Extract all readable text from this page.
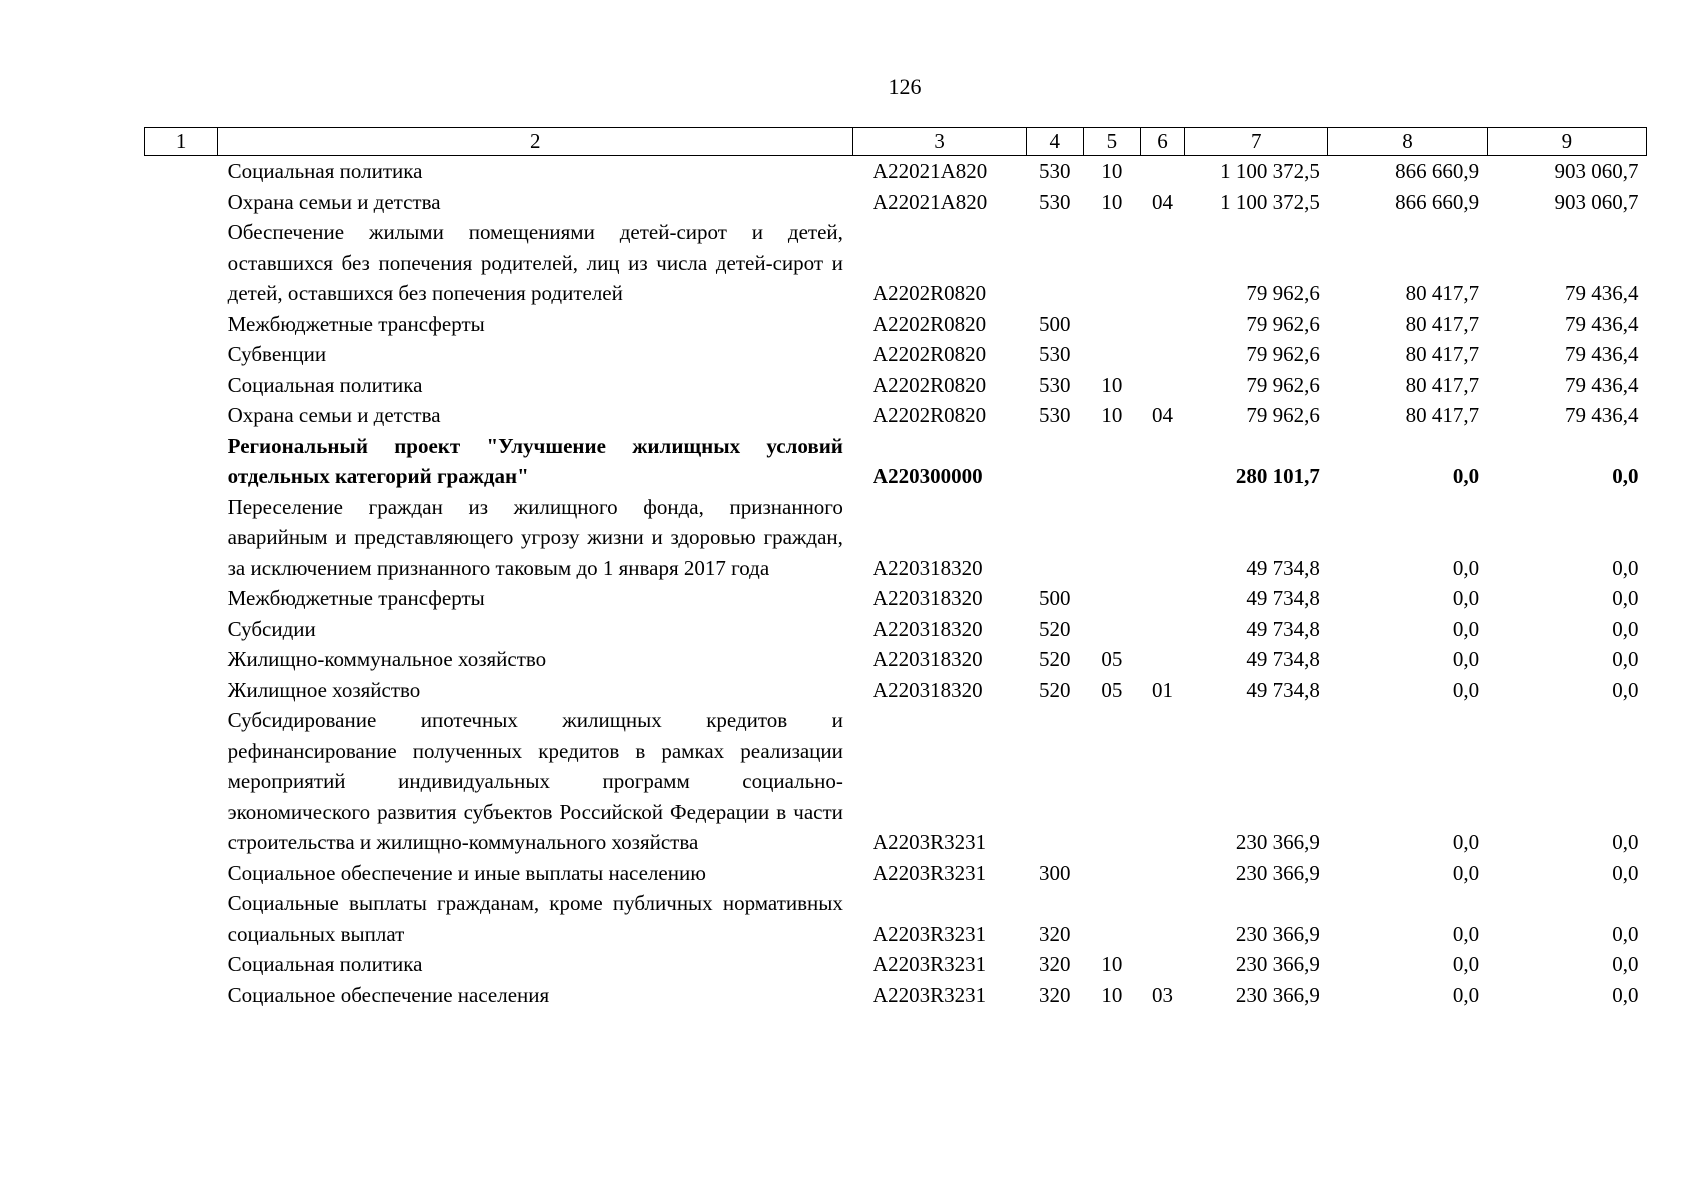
126
1	2	3	4	5	6	7	8	9
	Социальная политика	А22021А820	530	10		1 100 372,5	866 660,9	903 060,7
	Охрана семьи и детства	А22021А820	530	10	04	1 100 372,5	866 660,9	903 060,7
	Обеспечение жилыми помещениями детей-сирот и детей, оставшихся без попечения родителей, лиц из числа детей-сирот и детей, оставшихся без попечения родителей	А2202R0820				79 962,6	80 417,7	79 436,4
	Межбюджетные трансферты	А2202R0820	500			79 962,6	80 417,7	79 436,4
	Субвенции	А2202R0820	530			79 962,6	80 417,7	79 436,4
	Социальная политика	А2202R0820	530	10		79 962,6	80 417,7	79 436,4
	Охрана семьи и детства	А2202R0820	530	10	04	79 962,6	80 417,7	79 436,4
	Региональный проект "Улучшение жилищных условий отдельных категорий граждан"	А220300000				280 101,7	0,0	0,0
	Переселение граждан из жилищного фонда, признанного аварийным и представляющего угрозу жизни и здоровью граждан, за исключением признанного таковым до 1 января 2017 года	А220318320				49 734,8	0,0	0,0
	Межбюджетные трансферты	А220318320	500			49 734,8	0,0	0,0
	Субсидии	А220318320	520			49 734,8	0,0	0,0
	Жилищно-коммунальное хозяйство	А220318320	520	05		49 734,8	0,0	0,0
	Жилищное хозяйство	А220318320	520	05	01	49 734,8	0,0	0,0
	Субсидирование ипотечных жилищных кредитов и рефинансирование полученных кредитов в рамках реализации мероприятий индивидуальных программ социально-экономического развития субъектов Российской Федерации в части строительства и жилищно-коммунального хозяйства	А2203R3231				230 366,9	0,0	0,0
	Социальное обеспечение и иные выплаты населению	А2203R3231	300			230 366,9	0,0	0,0
	Социальные выплаты гражданам, кроме публичных нормативных социальных выплат	А2203R3231	320			230 366,9	0,0	0,0
	Социальная политика	А2203R3231	320	10		230 366,9	0,0	0,0
	Социальное обеспечение населения	А2203R3231	320	10	03	230 366,9	0,0	0,0
